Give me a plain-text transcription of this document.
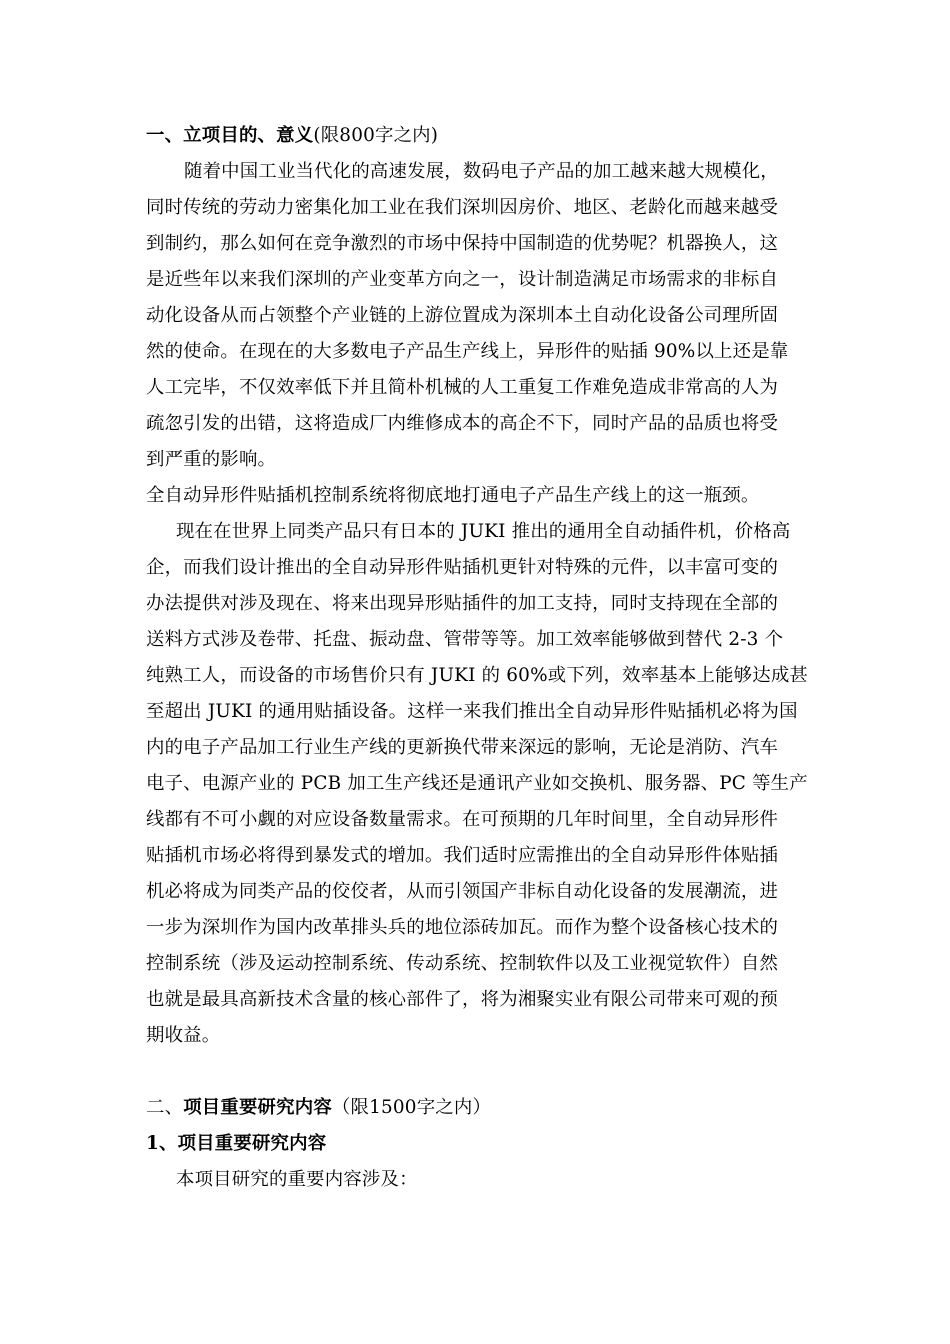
一、立项目的、意义(限800字之内)
随着中国工业当代化的高速发展，数码电子产品的加工越来越大规模化，
同时传统的劳动力密集化加工业在我们深圳因房价、地区、老龄化而越来越受
到制约，那么如何在竞争激烈的市场中保持中国制造的优势呢？机器换人，这
是近些年以来我们深圳的产业变革方向之一，设计制造满足市场需求的非标自
动化设备从而占领整个产业链的上游位置成为深圳本土自动化设备公司理所固
然的使命。在现在的大多数电子产品生产线上，异形件的贴插 90%以上还是靠
人工完毕，不仅效率低下并且简朴机械的人工重复工作难免造成非常高的人为
疏忽引发的出错，这将造成厂内维修成本的高企不下，同时产品的品质也将受
到严重的影响。
全自动异形件贴插机控制系统将彻底地打通电子产品生产线上的这一瓶颈。
现在在世界上同类产品只有日本的 JUKI 推出的通用全自动插件机，价格高
企，而我们设计推出的全自动异形件贴插机更针对特殊的元件，以丰富可变的
办法提供对涉及现在、将来出现异形贴插件的加工支持，同时支持现在全部的
送料方式涉及卷带、托盘、振动盘、管带等等。加工效率能够做到替代 2-3 个
纯熟工人，而设备的市场售价只有 JUKI 的 60%或下列，效率基本上能够达成甚
至超出 JUKI 的通用贴插设备。这样一来我们推出全自动异形件贴插机必将为国
内的电子产品加工行业生产线的更新换代带来深远的影响，无论是消防、汽车
电子、电源产业的 PCB 加工生产线还是通讯产业如交换机、服务器、PC 等生产
线都有不可小觑的对应设备数量需求。在可预期的几年时间里，全自动异形件
贴插机市场必将得到暴发式的增加。我们适时应需推出的全自动异形件体贴插
机必将成为同类产品的佼佼者，从而引领国产非标自动化设备的发展潮流，进
一步为深圳作为国内改革排头兵的地位添砖加瓦。而作为整个设备核心技术的
控制系统（涉及运动控制系统、传动系统、控制软件以及工业视觉软件）自然
也就是最具高新技术含量的核心部件了，将为湘聚实业有限公司带来可观的预
期收益。
二、项目重要研究内容（限1500字之内）
1、项目重要研究内容
本项目研究的重要内容涉及：
